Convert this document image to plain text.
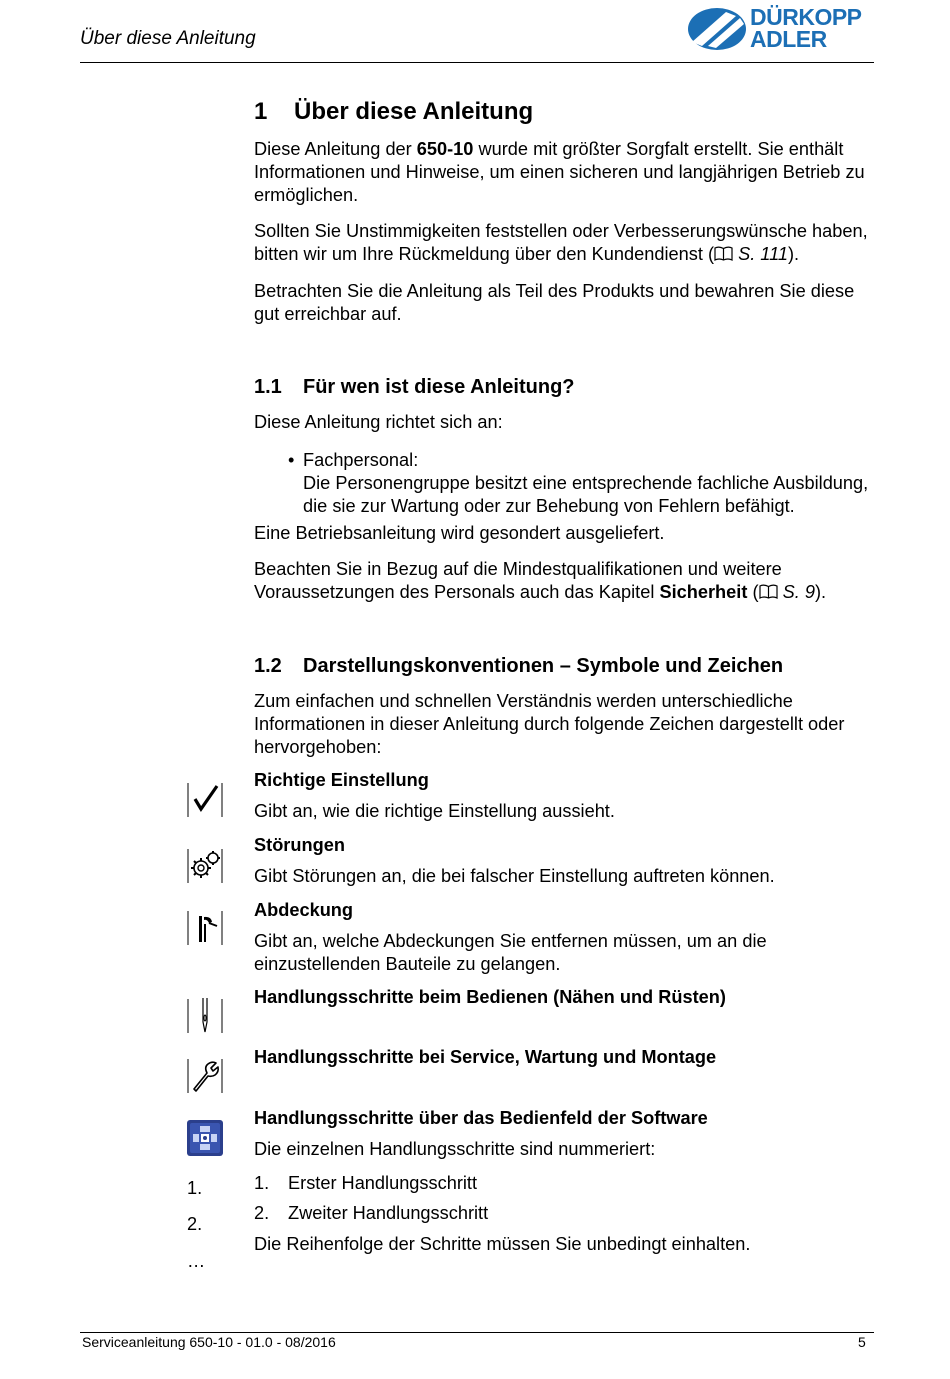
Über diese Anleitung
DÜRKOPP
ADLER
1 Über diese Anleitung

Diese Anleitung der 650-10 wurde mit größter Sorgfalt erstellt. Sie enthält Informationen und Hinweise, um einen sicheren und langjährigen Betrieb zu ermöglichen.

Sollten Sie Unstimmigkeiten feststellen oder Verbesserungswünsche haben, bitten wir um Ihre Rückmeldung über den Kundendienst ( S. 111).

Betrachten Sie die Anleitung als Teil des Produkts und bewahren Sie diese gut erreichbar auf.

1.1 Für wen ist diese Anleitung?
Diese Anleitung richtet sich an:
• Fachpersonal:
Die Personengruppe besitzt eine entsprechende fachliche Ausbildung, die sie zur Wartung oder zur Behebung von Fehlern befähigt.
Eine Betriebsanleitung wird gesondert ausgeliefert.

Beachten Sie in Bezug auf die Mindestqualifikationen und weitere Voraussetzungen des Personals auch das Kapitel Sicherheit ( S. 9).

1.2 Darstellungskonventionen – Symbole und Zeichen
Zum einfachen und schnellen Verständnis werden unterschiedliche Informationen in dieser Anleitung durch folgende Zeichen dargestellt oder hervorgehoben:
Richtige Einstellung
Gibt an, wie die richtige Einstellung aussieht.
Störungen
Gibt Störungen an, die bei falscher Einstellung auftreten können.
Abdeckung
Gibt an, welche Abdeckungen Sie entfernen müssen, um an die einzustellenden Bauteile zu gelangen.
Handlungsschritte beim Bedienen (Nähen und Rüsten)
Handlungsschritte bei Service, Wartung und Montage
Handlungsschritte über das Bedienfeld der Software
Die einzelnen Handlungsschritte sind nummeriert:
1.
2.
…
1. Erster Handlungsschritt
2. Zweiter Handlungsschritt
Die Reihenfolge der Schritte müssen Sie unbedingt einhalten.
Serviceanleitung 650-10 - 01.0 - 08/2016	5
